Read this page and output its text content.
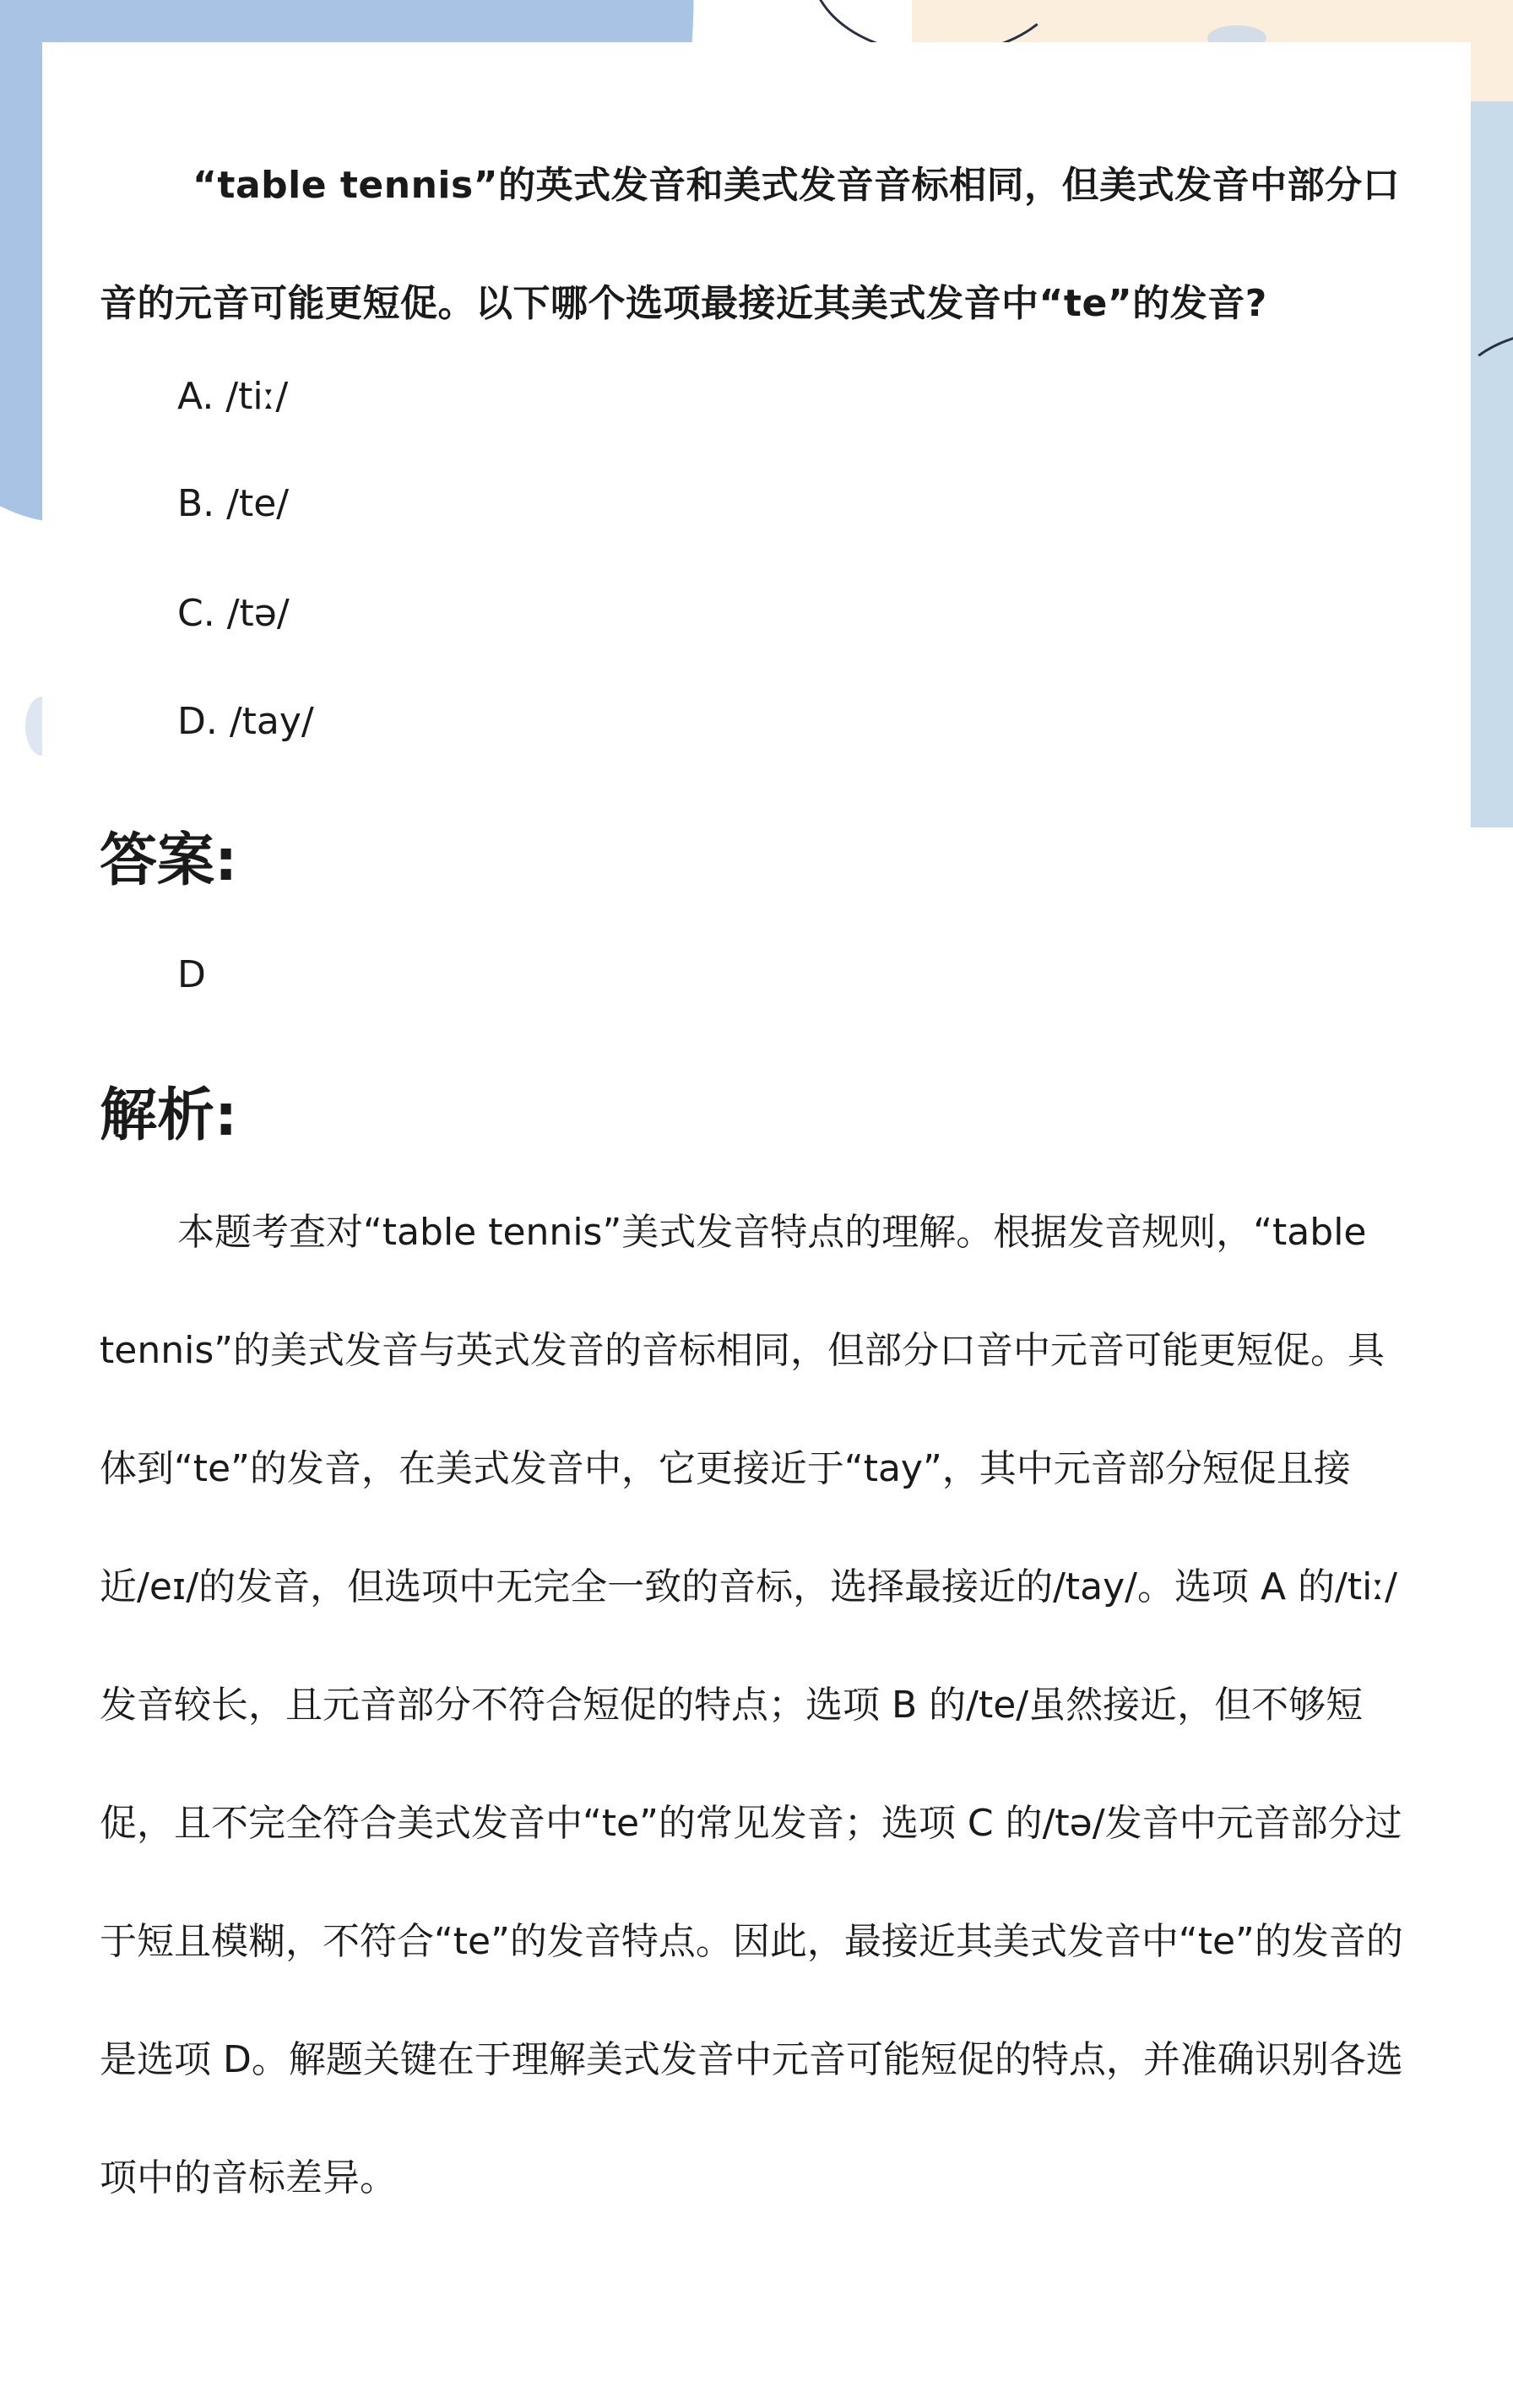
“table tennis”的英式发音和美式发音音标相同，但美式发音中部分口音的元音可能更短促。以下哪个选项最接近其美式发音中“te”的发音?

A. /tiː/

B. /te/

C. /tə/

D. /tay/

答案:

D

解析:

本题考查对“table tennis”美式发音特点的理解。根据发音规则，“table tennis”的美式发音与英式发音的音标相同，但部分口音中元音可能更短促。具体到“te”的发音，在美式发音中，它更接近于“tay”，其中元音部分短促且接近/eɪ/的发音，但选项中无完全一致的音标，选择最接近的/tay/。选项 A 的/tiː/发音较长，且元音部分不符合短促的特点；选项 B 的/te/虽然接近，但不够短促，且不完全符合美式发音中“te”的常见发音；选项 C 的/tə/发音中元音部分过于短且模糊，不符合“te”的发音特点。因此，最接近其美式发音中“te”的发音的是选项 D。解题关键在于理解美式发音中元音可能短促的特点，并准确识别各选项中的音标差异。
